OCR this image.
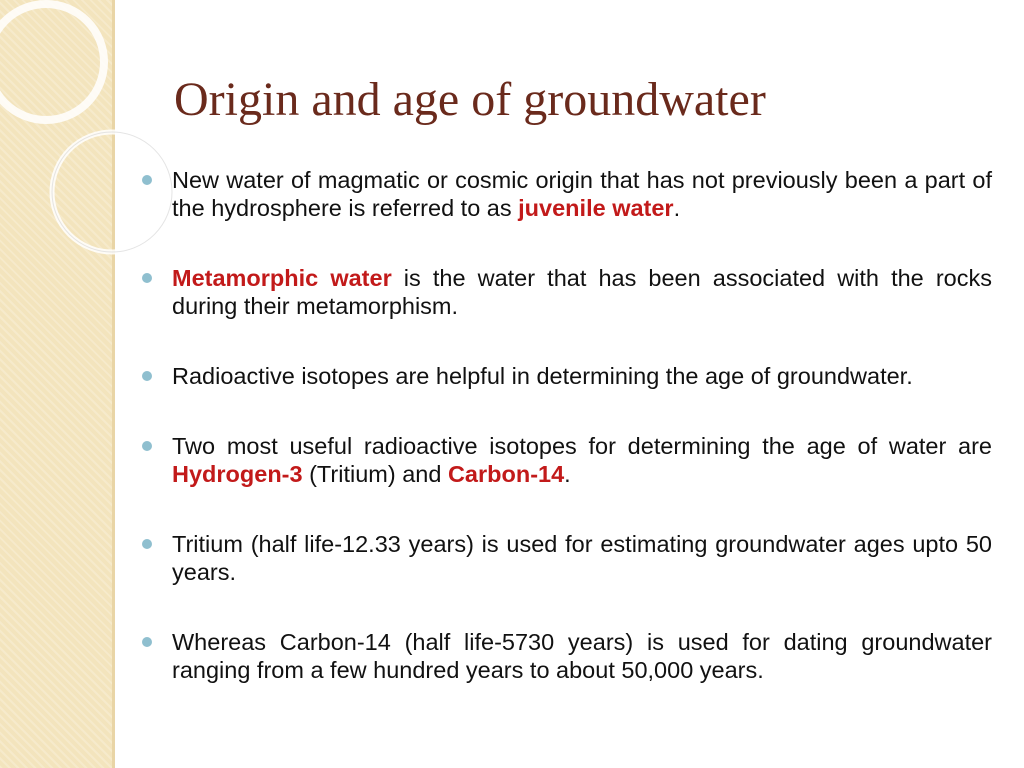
Origin and age of groundwater
New water of magmatic or cosmic origin that has not previously been a part of the hydrosphere is referred to as juvenile water.
Metamorphic water is the water that has been associated with the rocks during their metamorphism.
Radioactive isotopes are helpful in determining the age of groundwater.
Two most useful radioactive isotopes for determining the age of water are Hydrogen-3 (Tritium) and Carbon-14.
Tritium (half life-12.33 years) is used for estimating groundwater ages upto 50 years.
Whereas Carbon-14 (half life-5730 years) is used for dating groundwater ranging from a few hundred years to about 50,000 years.
